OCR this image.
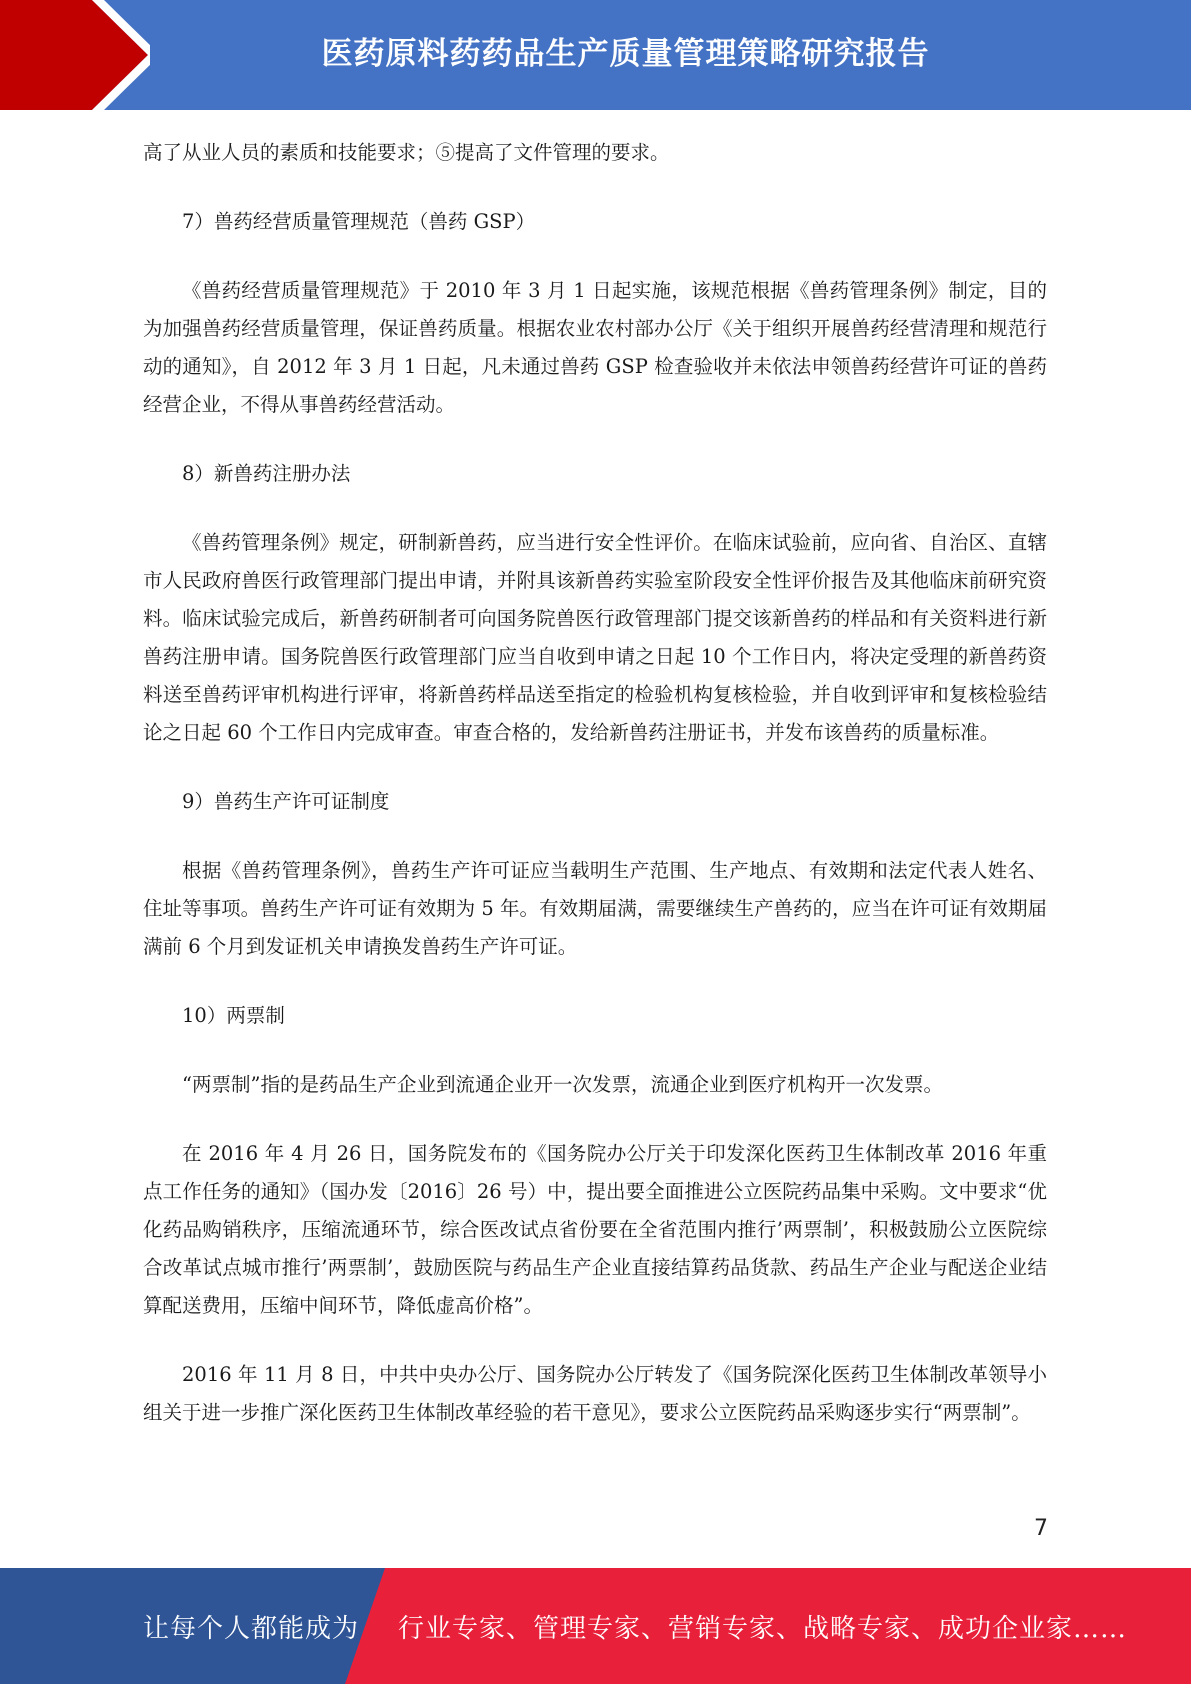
医药原料药药品生产质量管理策略研究报告

高了从业人员的素质和技能要求；⑤提高了文件管理的要求。

7）兽药经营质量管理规范（兽药 GSP）

《兽药经营质量管理规范》于 2010 年 3 月 1 日起实施，该规范根据《兽药管理条例》制定，目的为加强兽药经营质量管理，保证兽药质量。根据农业农村部办公厅《关于组织开展兽药经营清理和规范行动的通知》，自 2012 年 3 月 1 日起，凡未通过兽药 GSP 检查验收并未依法申领兽药经营许可证的兽药经营企业，不得从事兽药经营活动。

8）新兽药注册办法

《兽药管理条例》规定，研制新兽药，应当进行安全性评价。在临床试验前，应向省、自治区、直辖市人民政府兽医行政管理部门提出申请，并附具该新兽药实验室阶段安全性评价报告及其他临床前研究资料。临床试验完成后，新兽药研制者可向国务院兽医行政管理部门提交该新兽药的样品和有关资料进行新兽药注册申请。国务院兽医行政管理部门应当自收到申请之日起 10 个工作日内，将决定受理的新兽药资料送至兽药评审机构进行评审，将新兽药样品送至指定的检验机构复核检验，并自收到评审和复核检验结论之日起 60 个工作日内完成审查。审查合格的，发给新兽药注册证书，并发布该兽药的质量标准。

9）兽药生产许可证制度

根据《兽药管理条例》，兽药生产许可证应当载明生产范围、生产地点、有效期和法定代表人姓名、住址等事项。兽药生产许可证有效期为 5 年。有效期届满，需要继续生产兽药的，应当在许可证有效期届满前 6 个月到发证机关申请换发兽药生产许可证。

10）两票制

“两票制”指的是药品生产企业到流通企业开一次发票，流通企业到医疗机构开一次发票。

在 2016 年 4 月 26 日，国务院发布的《国务院办公厅关于印发深化医药卫生体制改革 2016 年重点工作任务的通知》（国办发〔2016〕26 号）中，提出要全面推进公立医院药品集中采购。文中要求“优化药品购销秩序，压缩流通环节，综合医改试点省份要在全省范围内推行’两票制’，积极鼓励公立医院综合改革试点城市推行’两票制’，鼓励医院与药品生产企业直接结算药品货款、药品生产企业与配送企业结算配送费用，压缩中间环节，降低虚高价格”。

2016 年 11 月 8 日，中共中央办公厅、国务院办公厅转发了《国务院深化医药卫生体制改革领导小组关于进一步推广深化医药卫生体制改革经验的若干意见》，要求公立医院药品采购逐步实行“两票制”。

7
让每个人都能成为 行业专家、管理专家、营销专家、战略专家、成功企业家……
